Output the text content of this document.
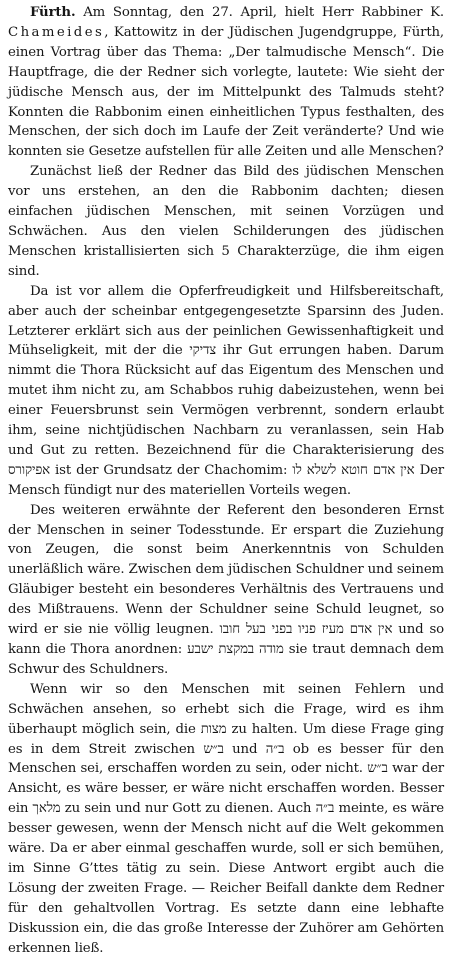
Fürth. Am Sonntag, den 27. April, hielt Herr Rabbiner K. Chameides, Kattowitz in der Jüdischen Jugendgruppe, Fürth, einen Vortrag über das Thema: „Der talmudische Mensch“. Die Hauptfrage, die der Redner sich vorlegte, lautete: Wie sieht der jüdische Mensch aus, der im Mittelpunkt des Talmuds steht? Konnten die Rabbonim einen einheitlichen Typus festhalten, des Menschen, der sich doch im Laufe der Zeit veränderte? Und wie konnten sie Gesetze aufstellen für alle Zeiten und alle Menschen?

Zunächst ließ der Redner das Bild des jüdischen Menschen vor uns erstehen, an den die Rabbonim dachten; diesen einfachen jüdischen Menschen, mit seinen Vorzügen und Schwächen. Aus den vielen Schilderungen des jüdischen Menschen kristallisierten sich 5 Charakterzüge, die ihm eigen sind.

Da ist vor allem die Opferfreudigkeit und Hilfsbereitschaft, aber auch der scheinbar entgegengesetzte Sparsinn des Juden. Letzterer erklärt sich aus der peinlichen Gewissenhaftigkeit und Mühseligkeit, mit der die צדיקי ihr Gut errungen haben. Darum nimmt die Thora Rücksicht auf das Eigentum des Menschen und mutet ihm nicht zu, am Schabbos ruhig dabeizustehen, wenn bei einer Feuersbrunst sein Vermögen verbrennt, sondern erlaubt ihm, seine nichtjüdischen Nachbarn zu veranlassen, sein Hab und Gut zu retten. Bezeichnend für die Charakterisierung des אפיקורס ist der Grundsatz der Chachomim: אין אדם חוטא לשלא לו Der Mensch fündigt nur des materiellen Vorteils wegen.

Des weiteren erwähnte der Referent den besonderen Ernst der Menschen in seiner Todesstunde. Er erspart die Zuziehung von Zeugen, die sonst beim Anerkenntnis von Schulden unerläßlich wäre. Zwischen dem jüdischen Schuldner und seinem Gläubiger besteht ein besonderes Verhältnis des Vertrauens und des Mißtrauens. Wenn der Schuldner seine Schuld leugnet, so wird er sie nie völlig leugnen. אין אדם מעיז פניו בפני בעל חובו und so kann die Thora anordnen: מודה במקצת ישבע sie traut demnach dem Schwur des Schuldners.

Wenn wir so den Menschen mit seinen Fehlern und Schwächen ansehen, so erhebt sich die Frage, wird es ihm überhaupt möglich sein, die מצות zu halten. Um diese Frage ging es in dem Streit zwischen ב״ש und ב״ה ob es besser für den Menschen sei, erschaffen worden zu sein, oder nicht. ב״ש war der Ansicht, es wäre besser, er wäre nicht erschaffen worden. Besser ein מלאך zu sein und nur Gott zu dienen. Auch ב״ה meinte, es wäre besser gewesen, wenn der Mensch nicht auf die Welt gekommen wäre. Da er aber einmal geschaffen wurde, soll er sich bemühen, im Sinne G’ttes tätig zu sein. Diese Antwort ergibt auch die Lösung der zweiten Frage. — Reicher Beifall dankte dem Redner für den gehaltvollen Vortrag. Es setzte dann eine lebhafte Diskussion ein, die das große Interesse der Zuhörer am Gehörten erkennen ließ.
